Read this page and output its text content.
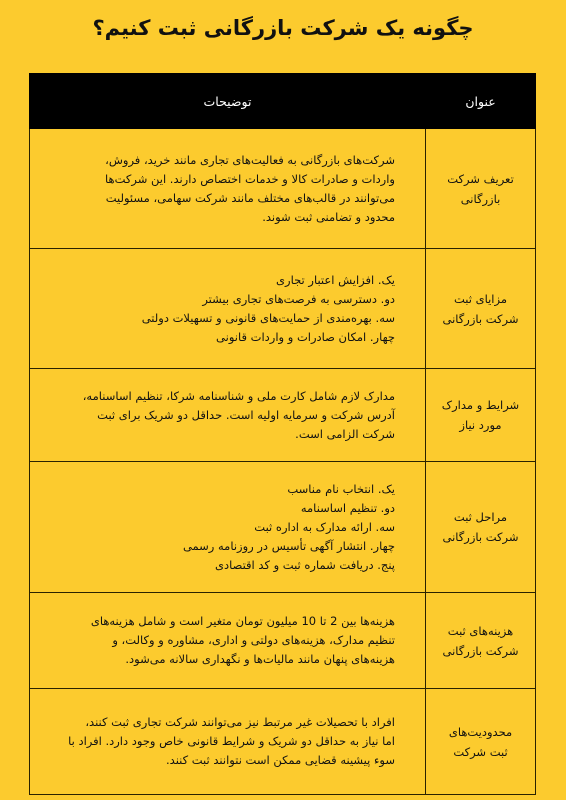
چگونه یک شرکت بازرگانی ثبت کنیم؟
عنوان	توضیحات

تعریف شرکت
بازرگانی	شرکت‌های بازرگانی به فعالیت‌های تجاری مانند خرید، فروش،
واردات و صادرات کالا و خدمات اختصاص دارند. این شرکت‌ها
می‌توانند در قالب‌های مختلف مانند شرکت سهامی، مسئولیت
محدود و تضامنی ثبت شوند.

مزایای ثبت
شرکت بازرگانی	یک. افزایش اعتبار تجاری
دو. دسترسی به فرصت‌های تجاری بیشتر
سه. بهره‌مندی از حمایت‌های قانونی و تسهیلات دولتی
چهار. امکان صادرات و واردات قانونی

شرایط و مدارک
مورد نیاز	مدارک لازم شامل کارت ملی و شناسنامه شرکا، تنظیم اساسنامه،
آدرس شرکت و سرمایه اولیه است. حداقل دو شریک برای ثبت
شرکت الزامی است.

مراحل ثبت
شرکت بازرگانی	یک. انتخاب نام مناسب
دو. تنظیم اساسنامه
سه. ارائه مدارک به اداره ثبت
چهار. انتشار آگهی تأسیس در روزنامه رسمی
پنج. دریافت شماره ثبت و کد اقتصادی

هزینه‌های ثبت
شرکت بازرگانی	هزینه‌ها بین 2 تا 10 میلیون تومان متغیر است و شامل هزینه‌های
تنظیم مدارک، هزینه‌های دولتی و اداری، مشاوره و وکالت، و
هزینه‌های پنهان مانند مالیات‌ها و نگهداری سالانه می‌شود.

محدودیت‌های
ثبت شرکت	افراد با تحصیلات غیر مرتبط نیز می‌توانند شرکت تجاری ثبت کنند،
اما نیاز به حداقل دو شریک و شرایط قانونی خاص وجود دارد. افراد با
سوء پیشینه قضایی ممکن است نتوانند ثبت کنند.
